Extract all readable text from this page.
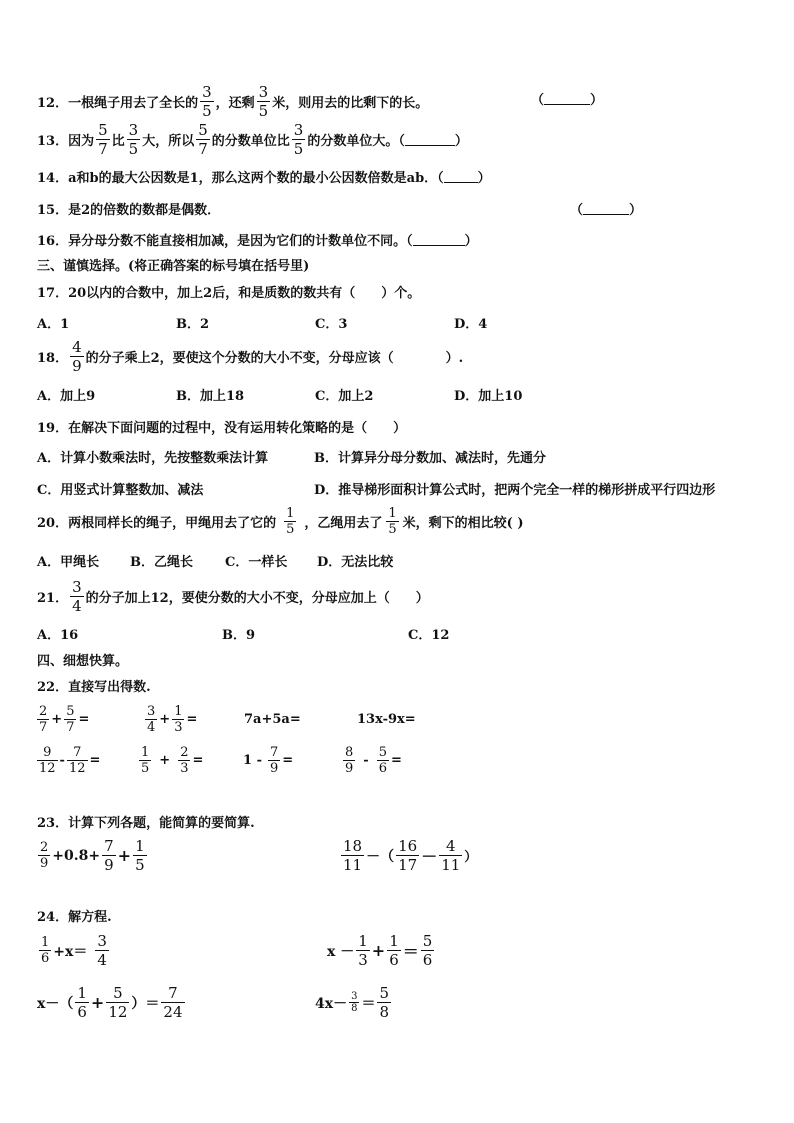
12．一根绳子用去了全长的 $\frac{3}{5}$ ，还剩 $\frac{3}{5}$ 米，则用去的比剩下的长。	（	）
13．因为 $\frac{5}{7}$ 比 $\frac{3}{5}$ 大，所以 $\frac{5}{7}$ 的分数单位比 $\frac{3}{5}$ 的分数单位大。（	）
14．a和b的最大公因数是1，那么这两个数的最小公因数倍数是ab．（	）
15．是2的倍数的数都是偶数．	（	）
16．异分母分数不能直接相加减，是因为它们的计数单位不同。（	）
三、谨慎选择。(将正确答案的标号填在括号里)
17．20以内的合数中，加上2后，和是质数的数共有（　　）个。
A．1	B．2	C．3	D．4
18． $\frac{4}{9}$ 的分子乘上2，要使这个分数的大小不变，分母应该（　　　　）.
A．加上9	B．加上18	C．加上2	D．加上10
19．在解决下面问题的过程中，没有运用转化策略的是（　　）
A．计算小数乘法时，先按整数乘法计算	B．计算异分母分数加、减法时，先通分
C．用竖式计算整数加、减法	D．推导梯形面积计算公式时，把两个完全一样的梯形拼成平行四边形
20．两根同样长的绳子，甲绳用去了它的 $\frac{1}{5}$ ，乙绳用去了 $\frac{1}{5}$ 米，剩下的相比较( )
A．甲绳长 B．乙绳长 C．一样长 D．无法比较
21． $\frac{3}{4}$ 的分子加上12，要使分数的大小不变，分母应加上（　　）
A．16	B．9	C．12
四、细想快算。
22．直接写出得数.
$\frac{2}{7} + \frac{5}{7}$ =	$\frac{3}{4} + \frac{1}{3}$ =	7a+5a=	13x-9x=
$\frac{9}{12} - \frac{7}{12}$ =	$\frac{1}{5} + \frac{2}{3}$ =	$1 - \frac{7}{9}$ =	$\frac{8}{9} - \frac{5}{6}$ =
23．计算下列各题，能简算的要简算.
$\frac{2}{9} +0.8+ \frac{7}{9} + \frac{1}{5}$	$\frac{18}{11}$ －（ $\frac{16}{17} - \frac{4}{11}$ ）
24．解方程.
$\frac{1}{6} +x= \frac{3}{4}$	$x - \frac{1}{3} + \frac{1}{6} = \frac{5}{6}$
$x-( \frac{1}{6} + \frac{5}{12}$ ）＝ $\frac{7}{24}$	$4x- \frac{3}{8} = \frac{5}{8}$
